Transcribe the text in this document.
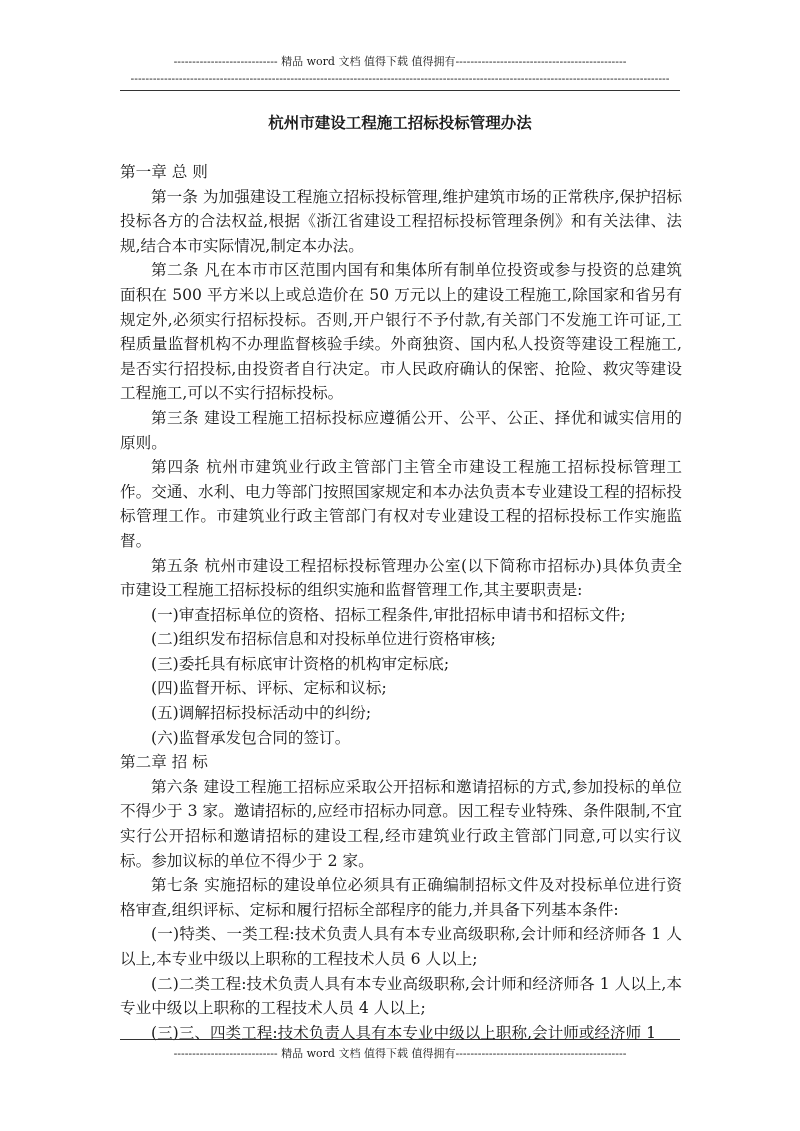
---------------------------- 精品 word 文档 值得下载 值得拥有----------------------------------------------
-------------------------------------------------------------------------------------------------------------------------------------------------
杭州市建设工程施工招标投标管理办法

第一章 总 则

第一条 为加强建设工程施立招标投标管理,维护建筑市场的正常秩序,保护招标投标各方的合法权益,根据《浙江省建设工程招标投标管理条例》和有关法律、法规,结合本市实际情况,制定本办法。

第二条 凡在本市市区范围内国有和集体所有制单位投资或参与投资的总建筑面积在 500 平方米以上或总造价在 50 万元以上的建设工程施工,除国家和省另有规定外,必须实行招标投标。否则,开户银行不予付款,有关部门不发施工许可证,工程质量监督机构不办理监督核验手续。外商独资、国内私人投资等建设工程施工,是否实行招投标,由投资者自行决定。市人民政府确认的保密、抢险、救灾等建设工程施工,可以不实行招标投标。

第三条 建设工程施工招标投标应遵循公开、公平、公正、择优和诚实信用的原则。

第四条 杭州市建筑业行政主管部门主管全市建设工程施工招标投标管理工作。交通、水利、电力等部门按照国家规定和本办法负责本专业建设工程的招标投标管理工作。市建筑业行政主管部门有权对专业建设工程的招标投标工作实施监督。

第五条 杭州市建设工程招标投标管理办公室(以下简称市招标办)具体负责全市建设工程施工招标投标的组织实施和监督管理工作,其主要职责是:

(一)审查招标单位的资格、招标工程条件,审批招标申请书和招标文件;

(二)组织发布招标信息和对投标单位进行资格审核;

(三)委托具有标底审计资格的机构审定标底;

(四)监督开标、评标、定标和议标;

(五)调解招标投标活动中的纠纷;

(六)监督承发包合同的签订。

第二章 招 标

第六条 建设工程施工招标应采取公开招标和邀请招标的方式,参加投标的单位不得少于 3 家。邀请招标的,应经市招标办同意。因工程专业特殊、条件限制,不宜实行公开招标和邀请招标的建设工程,经市建筑业行政主管部门同意,可以实行议标。参加议标的单位不得少于 2 家。

第七条 实施招标的建设单位必须具有正确编制招标文件及对投标单位进行资格审查,组织评标、定标和履行招标全部程序的能力,并具备下列基本条件:

(一)特类、一类工程:技术负责人具有本专业高级职称,会计师和经济师各 1 人以上,本专业中级以上职称的工程技术人员 6 人以上;

(二)二类工程:技术负责人具有本专业高级职称,会计师和经济师各 1 人以上,本专业中级以上职称的工程技术人员 4 人以上;

(三)三、四类工程:技术负责人具有本专业中级以上职称,会计师或经济师 1

---------------------------- 精品 word 文档 值得下载 值得拥有----------------------------------------------
